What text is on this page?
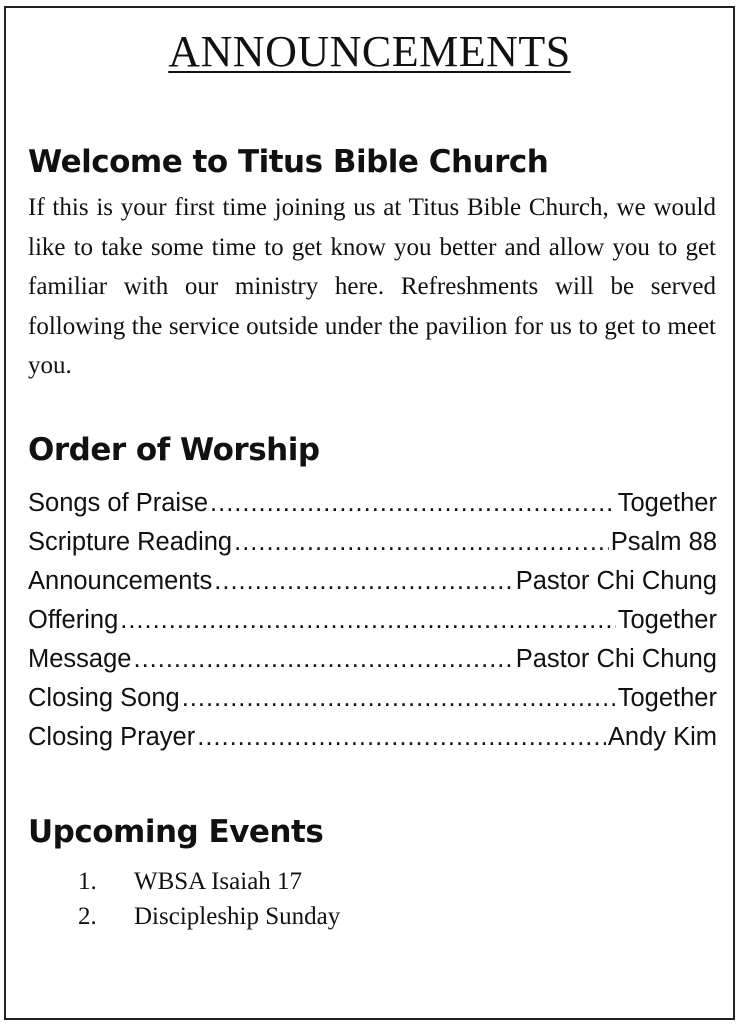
ANNOUNCEMENTS
Welcome to Titus Bible Church
If this is your first time joining us at Titus Bible Church, we would like to take some time to get know you better and allow you to get familiar with our ministry here. Refreshments will be served following the service outside under the pavilion for us to get to meet you.
Order of Worship
Songs of Praise .....	Together
Scripture Reading .....	Psalm 88
Announcements .....	Pastor Chi Chung
Offering .....	Together
Message .....	Pastor Chi Chung
Closing Song .....	Together
Closing Prayer .....	Andy Kim
Upcoming Events
1.	WBSA Isaiah 17
2.	Discipleship Sunday
